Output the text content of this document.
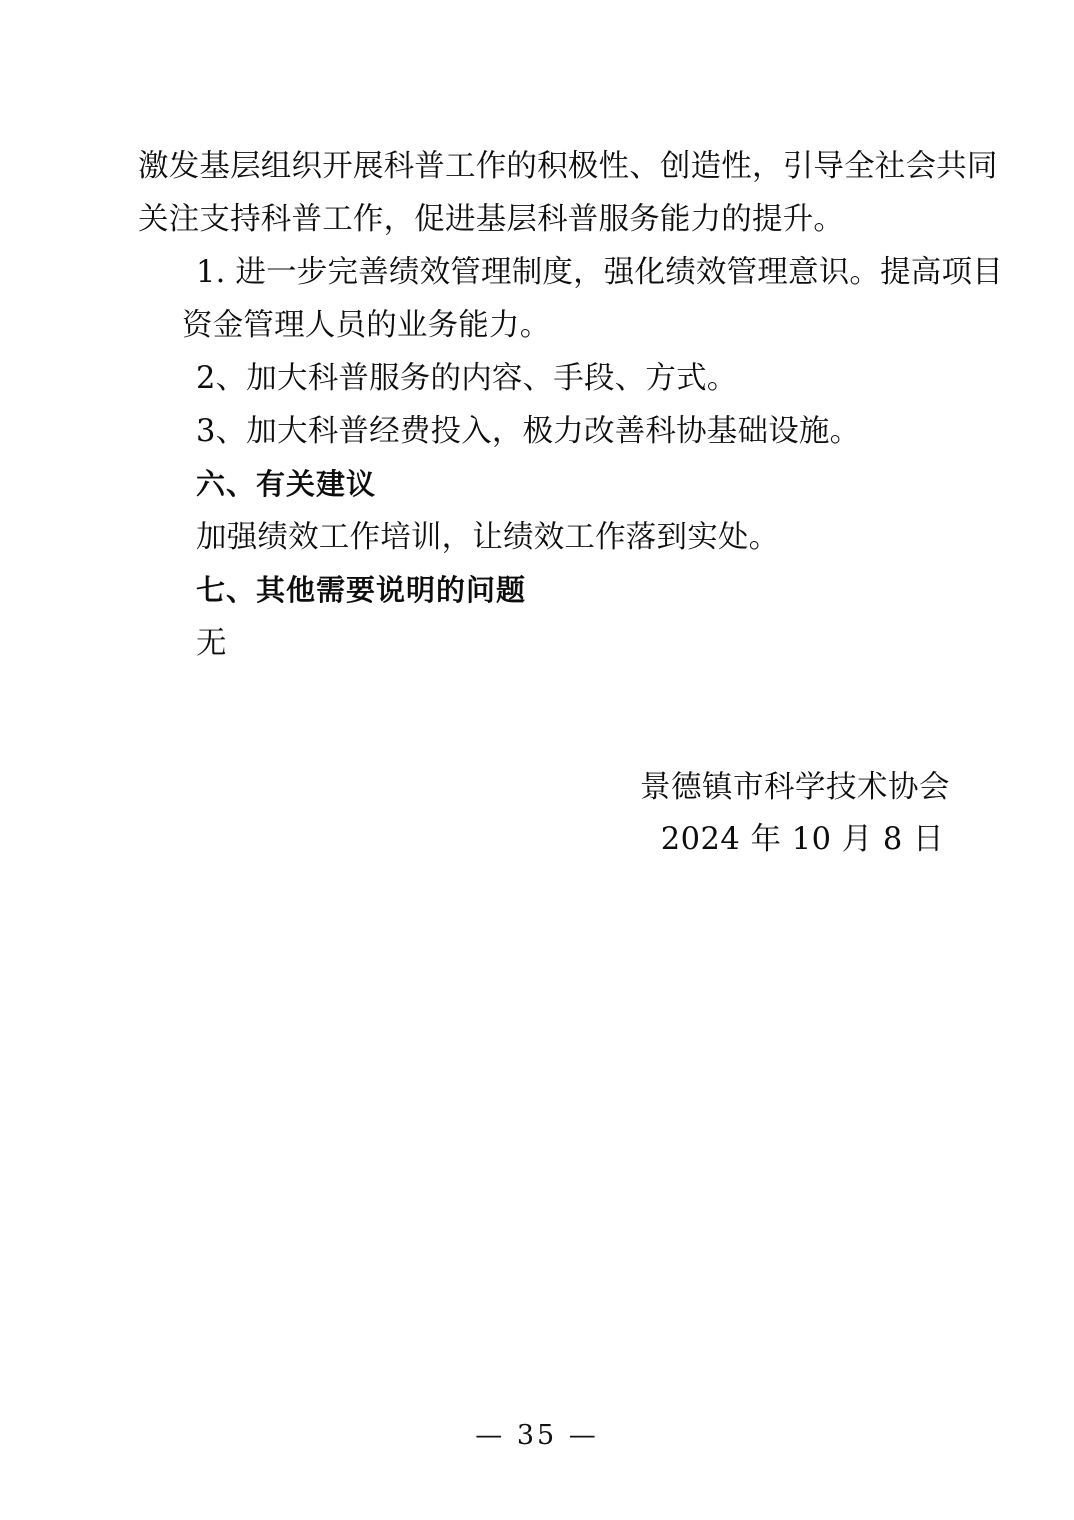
激发基层组织开展科普工作的积极性、创造性，引导全社会共同
关注支持科普工作，促进基层科普服务能力的提升。
1. 进一步完善绩效管理制度，强化绩效管理意识。提高项目
资金管理人员的业务能力。
2、加大科普服务的内容、手段、方式。
3、加大科普经费投入，极力改善科协基础设施。
六、有关建议
加强绩效工作培训，让绩效工作落到实处。
七、其他需要说明的问题
无
景德镇市科学技术协会
2024 年 10 月 8 日
— 35 —
